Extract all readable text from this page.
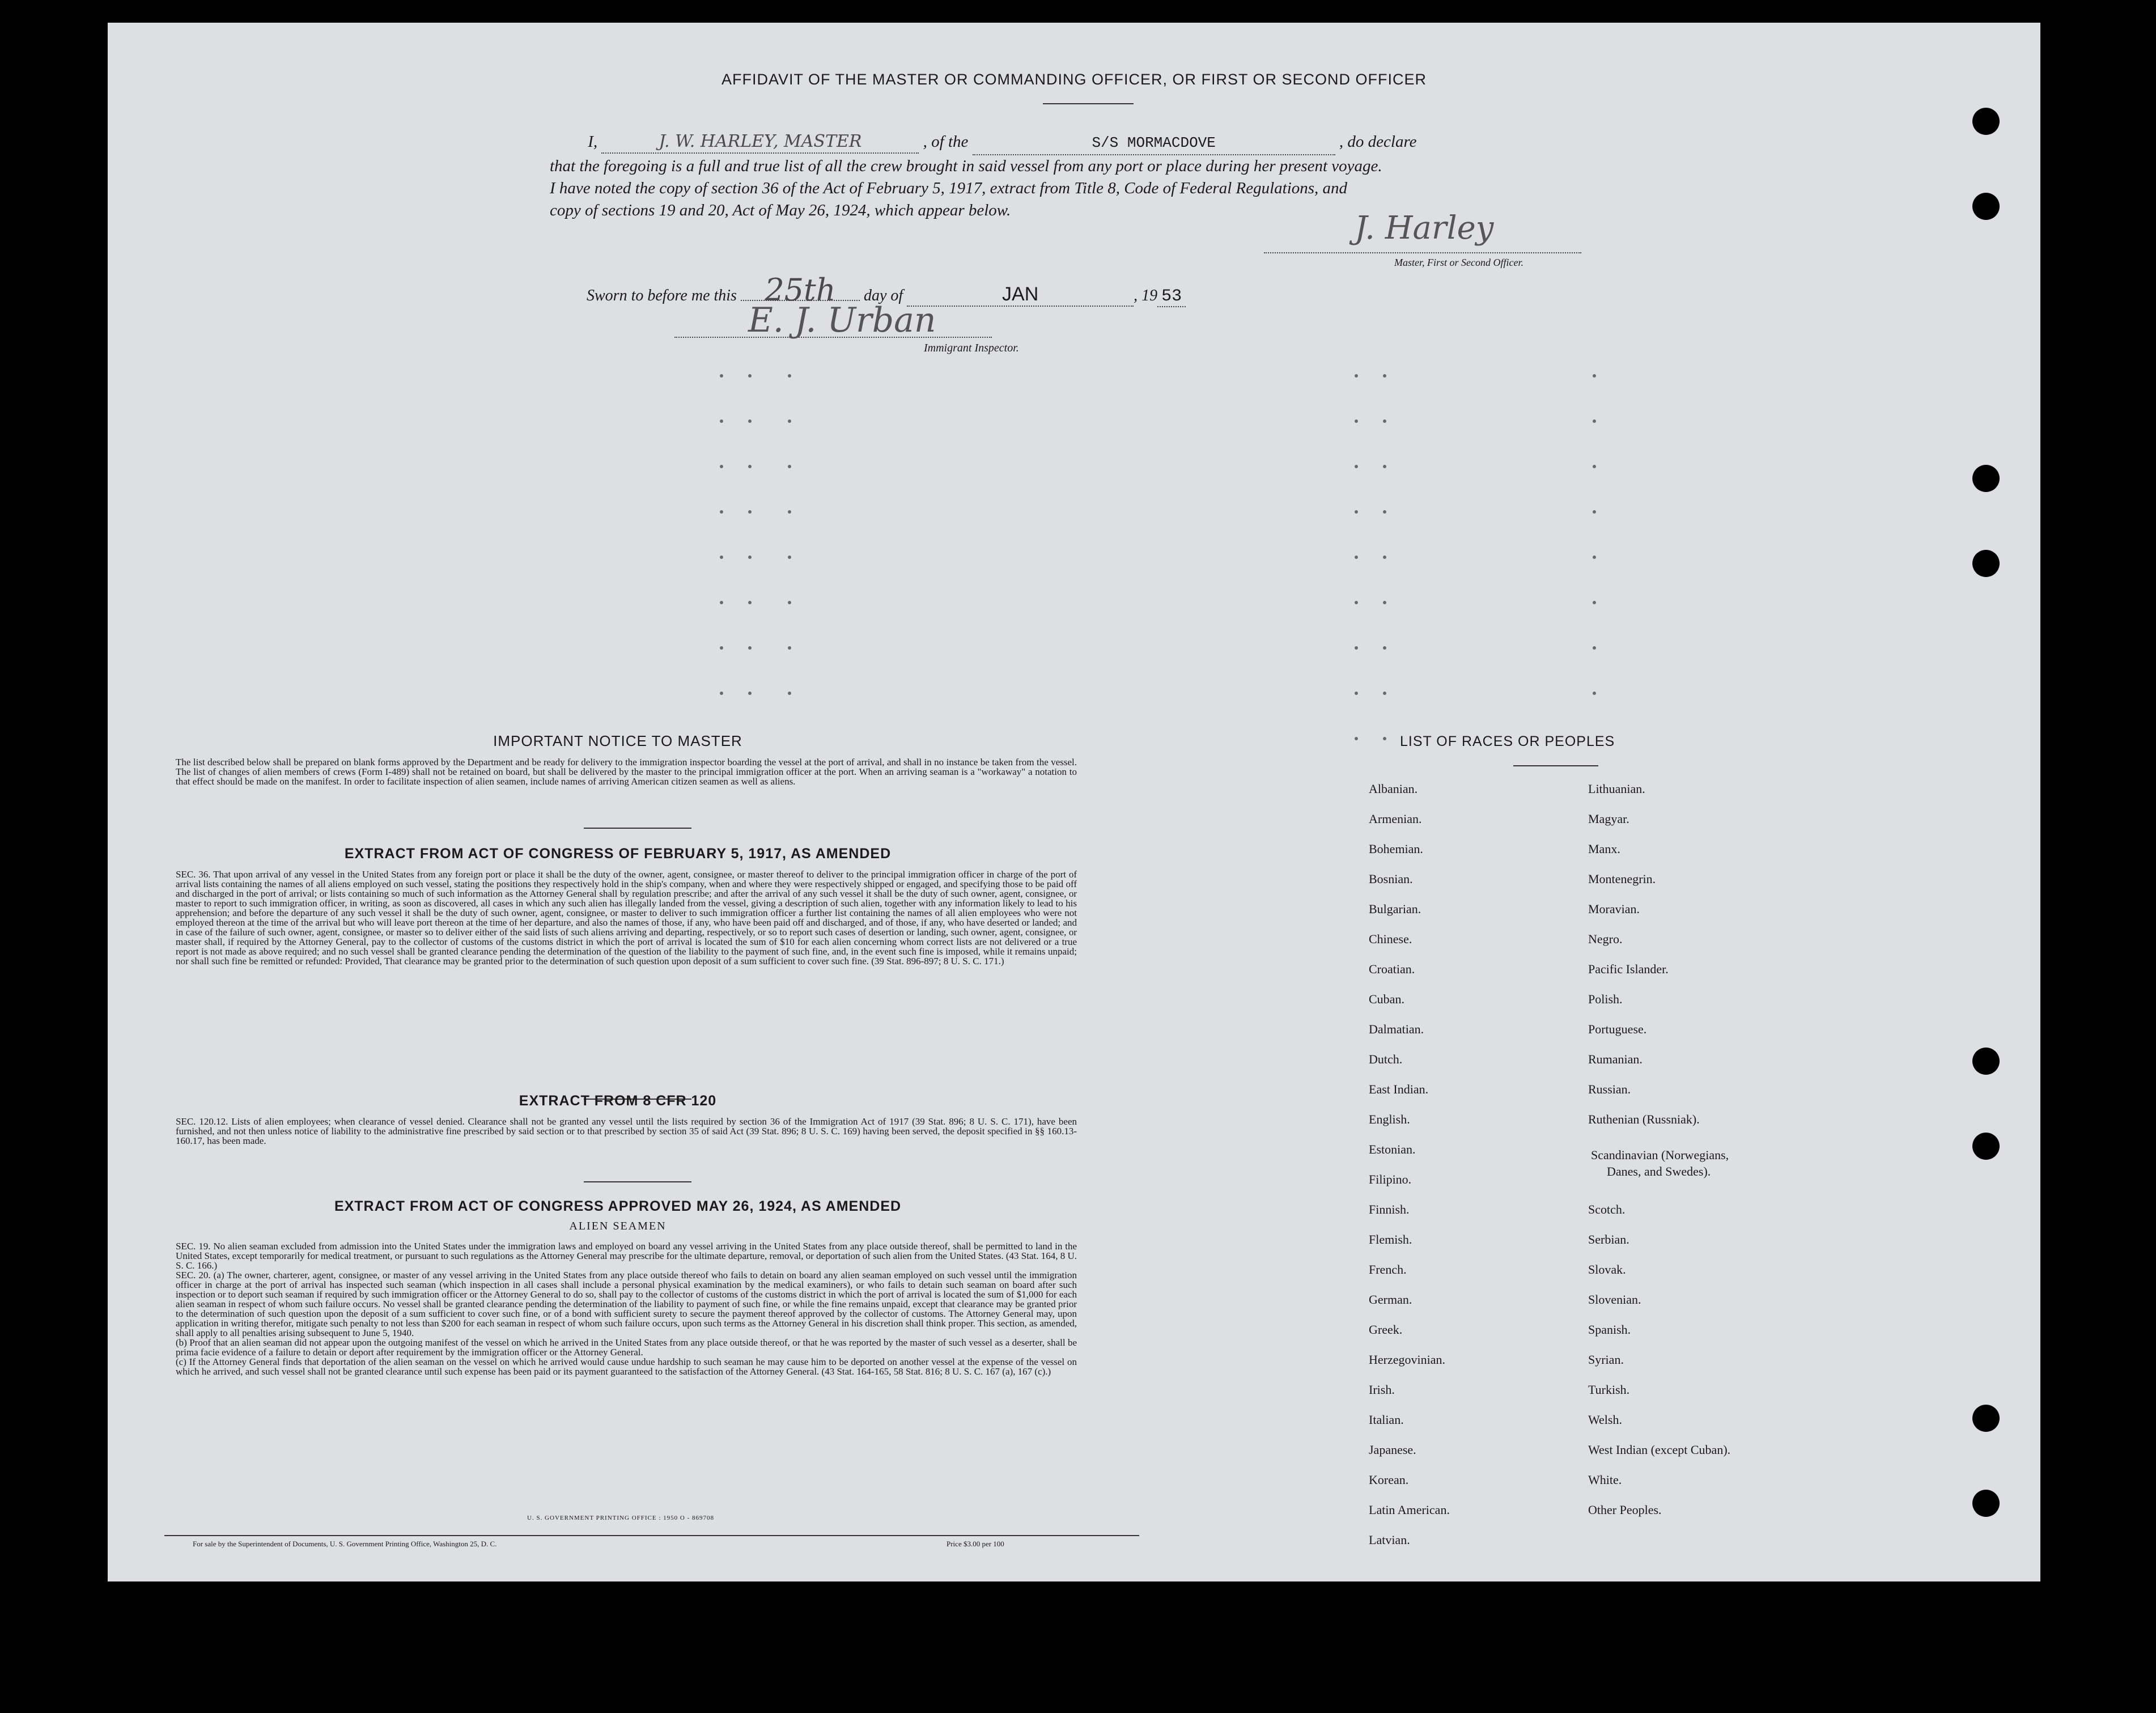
AFFIDAVIT OF THE MASTER OR COMMANDING OFFICER, OR FIRST OR SECOND OFFICER
I,	J. W. HARLEY, MASTER	, of the	S/S MORMACDOVE	, do declare
that the foregoing is a full and true list of all the crew brought in said vessel from any port or place during her present voyage.
I have noted the copy of section 36 of the Act of February 5, 1917, extract from Title 8, Code of Federal Regulations, and
copy of sections 19 and 20, Act of May 26, 1924, which appear below.	J. Harley
Master, First or Second Officer.
Sworn to before me this 25th day of	JAN	, 19 53
E. J. Urban
Immigrant Inspector.
IMPORTANT NOTICE TO MASTER
The list described below shall be prepared on blank forms approved by the Department and be ready for delivery to the immigration inspector boarding the vessel at the port of arrival, and shall in no instance be taken from the vessel. The list of changes of alien members of crews (Form I-489) shall not be retained on board, but shall be delivered by the master to the principal immigration officer at the port. When an arriving seaman is a "workaway" a notation to that effect should be made on the manifest. In order to facilitate inspection of alien seamen, include names of arriving American citizen seamen as well as aliens.
EXTRACT FROM ACT OF CONGRESS OF FEBRUARY 5, 1917, AS AMENDED
SEC. 36. That upon arrival of any vessel in the United States from any foreign port or place it shall be the duty of the owner, agent, consignee, or master thereof to deliver to the principal immigration officer in charge of the port of arrival lists containing the names of all aliens employed on such vessel, stating the positions they respectively hold in the ship's company, when and where they were respectively shipped or engaged, and specifying those to be paid off and discharged in the port of arrival; or lists containing so much of such information as the Attorney General shall by regulation prescribe; and after the arrival of any such vessel it shall be the duty of such owner, agent, consignee, or master to report to such immigration officer, in writing, as soon as discovered, all cases in which any such alien has illegally landed from the vessel, giving a description of such alien, together with any information likely to lead to his apprehension; and before the departure of any such vessel it shall be the duty of such owner, agent, consignee, or master to deliver to such immigration officer a further list containing the names of all alien employees who were not employed thereon at the time of the arrival but who will leave port thereon at the time of her departure, and also the names of those, if any, who have been paid off and discharged, and of those, if any, who have deserted or landed; and in case of the failure of such owner, agent, consignee, or master so to deliver either of the said lists of such aliens arriving and departing, respectively, or so to report such cases of desertion or landing, such owner, agent, consignee, or master shall, if required by the Attorney General, pay to the collector of customs of the customs district in which the port of arrival is located the sum of $10 for each alien concerning whom correct lists are not delivered or a true report is not made as above required; and no such vessel shall be granted clearance pending the determination of the question of the liability to the payment of such fine, and, in the event such fine is imposed, while it remains unpaid; nor shall such fine be remitted or refunded: Provided, That clearance may be granted prior to the determination of such question upon deposit of a sum sufficient to cover such fine. (39 Stat. 896-897; 8 U. S. C. 171.)
EXTRACT FROM 8 CFR 120
SEC. 120.12. Lists of alien employees; when clearance of vessel denied. Clearance shall not be granted any vessel until the lists required by section 36 of the Immigration Act of 1917 (39 Stat. 896; 8 U. S. C. 171), have been furnished, and not then unless notice of liability to the administrative fine prescribed by said section or to that prescribed by section 35 of said Act (39 Stat. 896; 8 U. S. C. 169) having been served, the deposit specified in §§ 160.13-160.17, has been made.
EXTRACT FROM ACT OF CONGRESS APPROVED MAY 26, 1924, AS AMENDED
ALIEN SEAMEN
SEC. 19. No alien seaman excluded from admission into the United States under the immigration laws and employed on board any vessel arriving in the United States from any place outside thereof, shall be permitted to land in the United States, except temporarily for medical treatment, or pursuant to such regulations as the Attorney General may prescribe for the ultimate departure, removal, or deportation of such alien from the United States. (43 Stat. 164, 8 U. S. C. 166.)
SEC. 20. (a) The owner, charterer, agent, consignee, or master of any vessel arriving in the United States from any place outside thereof who fails to detain on board any alien seaman employed on such vessel until the immigration officer in charge at the port of arrival has inspected such seaman (which inspection in all cases shall include a personal physical examination by the medical examiners), or who fails to detain such seaman on board after such inspection or to deport such seaman if required by such immigration officer or the Attorney General to do so, shall pay to the collector of customs of the customs district in which the port of arrival is located the sum of $1,000 for each alien seaman in respect of whom such failure occurs. No vessel shall be granted clearance pending the determination of the liability to payment of such fine, or while the fine remains unpaid, except that clearance may be granted prior to the determination of such question upon the deposit of a sum sufficient to cover such fine, or of a bond with sufficient surety to secure the payment thereof approved by the collector of customs. The Attorney General may, upon application in writing therefor, mitigate such penalty to not less than $200 for each seaman in respect of whom such failure occurs, upon such terms as the Attorney General in his discretion shall think proper. This section, as amended, shall apply to all penalties arising subsequent to June 5, 1940.
(b) Proof that an alien seaman did not appear upon the outgoing manifest of the vessel on which he arrived in the United States from any place outside thereof, or that he was reported by the master of such vessel as a deserter, shall be prima facie evidence of a failure to detain or deport after requirement by the immigration officer or the Attorney General.
(c) If the Attorney General finds that deportation of the alien seaman on the vessel on which he arrived would cause undue hardship to such seaman he may cause him to be deported on another vessel at the expense of the vessel on which he arrived, and such vessel shall not be granted clearance until such expense has been paid or its payment guaranteed to the satisfaction of the Attorney General. (43 Stat. 164-165, 58 Stat. 816; 8 U. S. C. 167 (a), 167 (c).)
U. S. GOVERNMENT PRINTING OFFICE : 1950 O - 869708
For sale by the Superintendent of Documents, U. S. Government Printing Office, Washington 25, D. C.	Price $3.00 per 100
LIST OF RACES OR PEOPLES
Albanian.
Armenian.
Bohemian.
Bosnian.
Bulgarian.
Chinese.
Croatian.
Cuban.
Dalmatian.
Dutch.
East Indian.
English.
Estonian.
Filipino.
Finnish.
Flemish.
French.
German.
Greek.
Herzegovinian.
Irish.
Italian.
Japanese.
Korean.
Latin American.
Latvian.
Lithuanian.
Magyar.
Manx.
Montenegrin.
Moravian.
Negro.
Pacific Islander.
Polish.
Portuguese.
Rumanian.
Russian.
Ruthenian (Russniak).
Scandinavian (Norwegians,
Danes, and Swedes).
Scotch.
Serbian.
Slovak.
Slovenian.
Spanish.
Syrian.
Turkish.
Welsh.
West Indian (except Cuban).
White.
Other Peoples.
